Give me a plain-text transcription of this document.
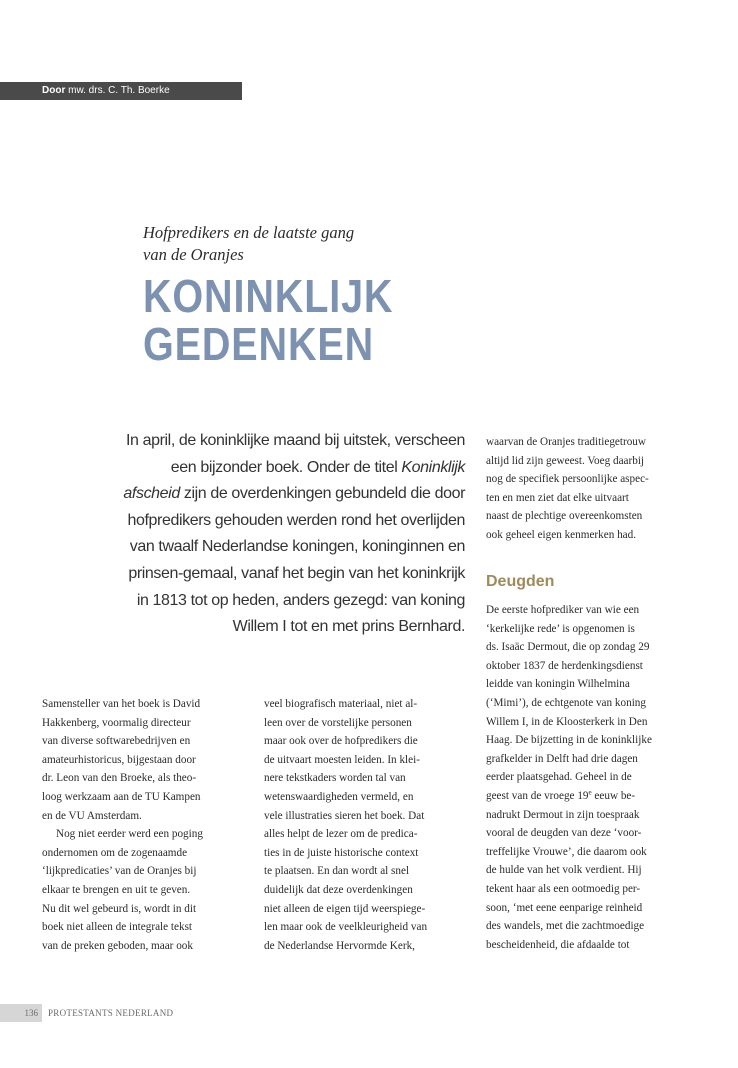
Door mw. drs. C. Th. Boerke
Hofpredikers en de laatste gang
van de Oranjes
KONINKLIJK
GEDENKEN
In april, de koninklijke maand bij uitstek, verscheen
een bijzonder boek. Onder de titel Koninklijk
afscheid zijn de overdenkingen gebundeld die door
hofpredikers gehouden werden rond het overlijden
van twaalf Nederlandse koningen, koninginnen en
prinsen-gemaal, vanaf het begin van het koninkrijk
in 1813 tot op heden, anders gezegd: van koning
Willem I tot en met prins Bernhard.
Samensteller van het boek is David
Hakkenberg, voormalig directeur
van diverse softwarebedrijven en
amateurhistoricus, bijgestaan door
dr. Leon van den Broeke, als theo-
loog werkzaam aan de TU Kampen
en de VU Amsterdam.
Nog niet eerder werd een poging
ondernomen om de zogenaamde
‘lijkpredicaties’ van de Oranjes bij
elkaar te brengen en uit te geven.
Nu dit wel gebeurd is, wordt in dit
boek niet alleen de integrale tekst
van de preken geboden, maar ook
veel biografisch materiaal, niet al-
leen over de vorstelijke personen
maar ook over de hofpredikers die
de uitvaart moesten leiden. In klei-
nere tekstkaders worden tal van
wetenswaardigheden vermeld, en
vele illustraties sieren het boek. Dat
alles helpt de lezer om de predica-
ties in de juiste historische context
te plaatsen. En dan wordt al snel
duidelijk dat deze overdenkingen
niet alleen de eigen tijd weerspiege-
len maar ook de veelkleurigheid van
de Nederlandse Hervormde Kerk,
waarvan de Oranjes traditiegetrouw
altijd lid zijn geweest. Voeg daarbij
nog de specifiek persoonlijke aspec-
ten en men ziet dat elke uitvaart
naast de plechtige overeenkomsten
ook geheel eigen kenmerken had.
Deugden
De eerste hofprediker van wie een
‘kerkelijke rede’ is opgenomen is
ds. Isaäc Dermout, die op zondag 29
oktober 1837 de herdenkingsdienst
leidde van koningin Wilhelmina
(‘Mimi’), de echtgenote van koning
Willem I, in de Kloosterkerk in Den
Haag. De bijzetting in de koninklijke
grafkelder in Delft had drie dagen
eerder plaatsgehad. Geheel in de
geest van de vroege 19e eeuw be-
nadrukt Dermout in zijn toespraak
vooral de deugden van deze ‘voor-
treffelijke Vrouwe’, die daarom ook
de hulde van het volk verdient. Hij
tekent haar als een ootmoedig per-
soon, ‘met eene eenparige reinheid
des wandels, met die zachtmoedige
bescheidenheid, die afdaalde tot
136	PROTESTANTS NEDERLAND
